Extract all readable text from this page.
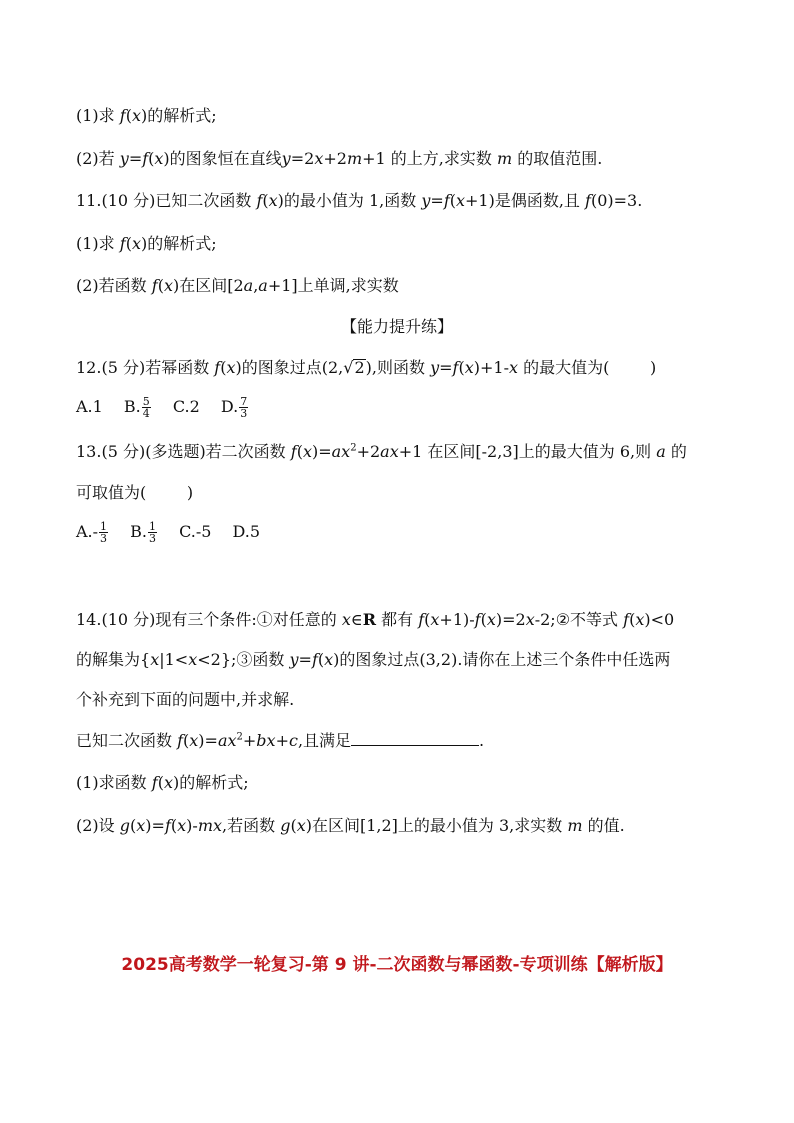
(1)求 f(x)的解析式;
(2)若 y=f(x)的图象恒在直线y=2x+2m+1 的上方,求实数 m 的取值范围.
11.(10 分)已知二次函数 f(x)的最小值为 1,函数 y=f(x+1)是偶函数,且 f(0)=3.
(1)求 f(x)的解析式;
(2)若函数 f(x)在区间[2a,a+1]上单调,求实数
【能力提升练】
12.(5 分)若幂函数 f(x)的图象过点(2, √ 2 ),则函数 y=f(x)+1-x 的最大值为(	)
A.1 B. $\frac{5}{4} C.2$ D. $\frac{7}{3}$
13.(5 分)(多选题)若二次函数 $f(x)=ax^2+2ax+1$ 在区间[-2,3]上的最大值为 6,则 a 的
可取值为(        )
$A.- \frac{1}{3} B$. $\frac{1}{3} C.-5$ D.5
14.(10 分)现有三个条件:①对任意的 x∈R 都有 f(x+1)-f(x)=2x-2;②不等式 f(x)<0
的解集为{x|1<x<2};③函数 y=f(x)的图象过点(3,2).请你在上述三个条件中任选两
个补充到下面的问题中,并求解.
已知二次函数 $f(x)=ax^2+bx+c$,且满足	.
(1)求函数 f(x)的解析式;
(2)设 g(x)=f(x)-mx,若函数 g(x)在区间[1,2]上的最小值为 3,求实数 m 的值.
2025高考数学一轮复习-第 9 讲-二次函数与幂函数-专项训练【解析版】
